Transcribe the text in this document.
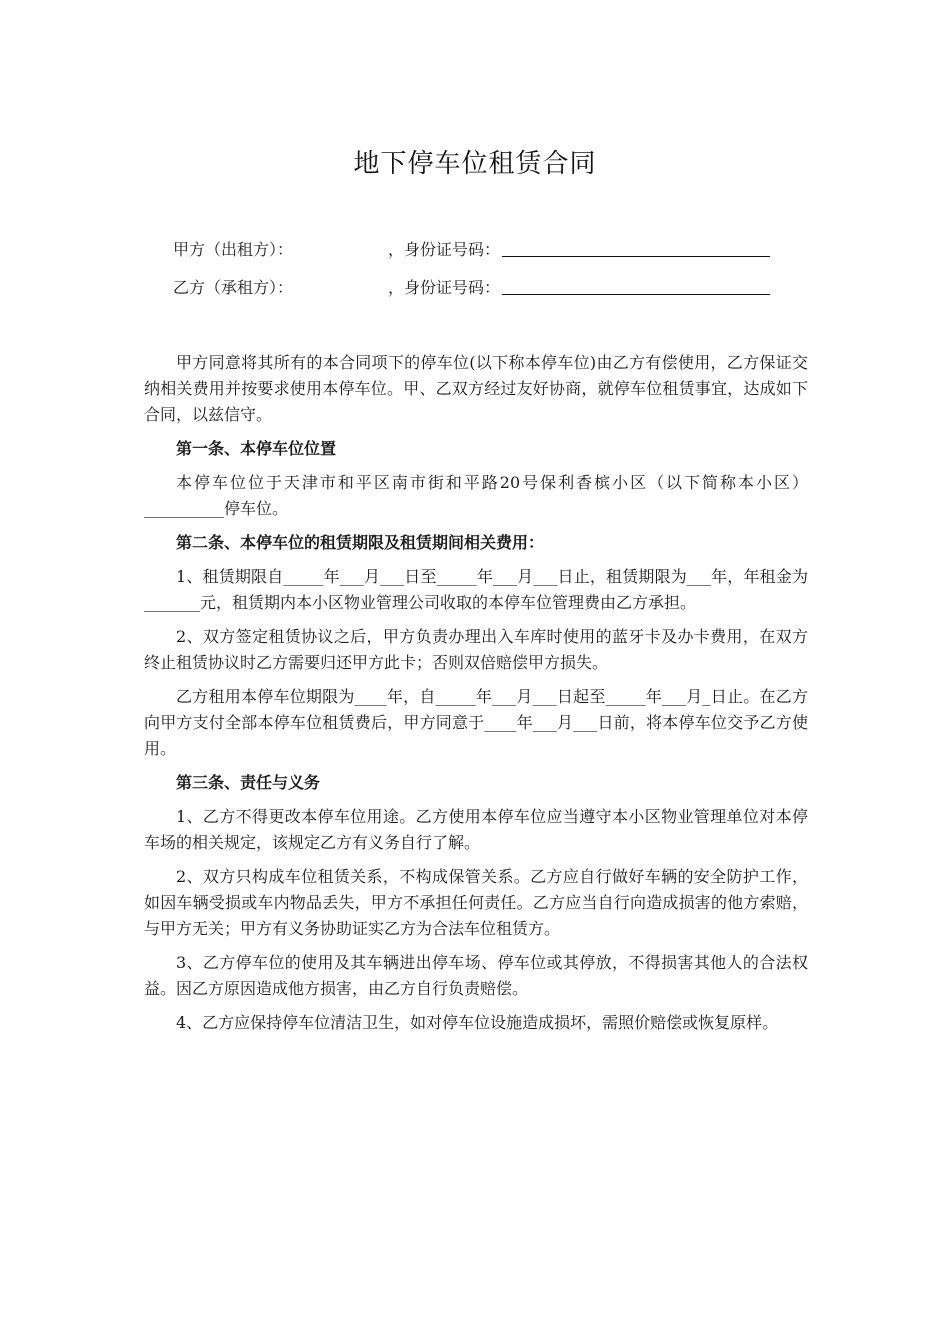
地下停车位租赁合同
甲方（出租方）：	，身份证号码：
乙方（承租方）：	，身份证号码：

甲方同意将其所有的本合同项下的停车位(以下称本停车位)由乙方有偿使用，乙方保证交纳相关费用并按要求使用本停车位。甲、乙双方经过友好协商，就停车位租赁事宜，达成如下合同，以兹信守。

第一条、本停车位位置

本停车位位于天津市和平区南市街和平路20号保利香槟小区（以下简称本小区）__________停车位。

第二条、本停车位的租赁期限及租赁期间相关费用：

1、租赁期限自_____年___月___日至_____年___月___日止，租赁期限为___年，年租金为_______元，租赁期内本小区物业管理公司收取的本停车位管理费由乙方承担。

2、双方签定租赁协议之后，甲方负责办理出入车库时使用的蓝牙卡及办卡费用，在双方终止租赁协议时乙方需要归还甲方此卡；否则双倍赔偿甲方损失。

乙方租用本停车位期限为____年，自_____年___月___日起至_____年___月_日止。在乙方向甲方支付全部本停车位租赁费后，甲方同意于____年___月___日前，将本停车位交予乙方使用。

第三条、责任与义务

1、乙方不得更改本停车位用途。乙方使用本停车位应当遵守本小区物业管理单位对本停车场的相关规定，该规定乙方有义务自行了解。

2、双方只构成车位租赁关系，不构成保管关系。乙方应自行做好车辆的安全防护工作，如因车辆受损或车内物品丢失，甲方不承担任何责任。乙方应当自行向造成损害的他方索赔，与甲方无关；甲方有义务协助证实乙方为合法车位租赁方。

3、乙方停车位的使用及其车辆进出停车场、停车位或其停放，不得损害其他人的合法权益。因乙方原因造成他方损害，由乙方自行负责赔偿。

4、乙方应保持停车位清洁卫生，如对停车位设施造成损坏，需照价赔偿或恢复原样。
